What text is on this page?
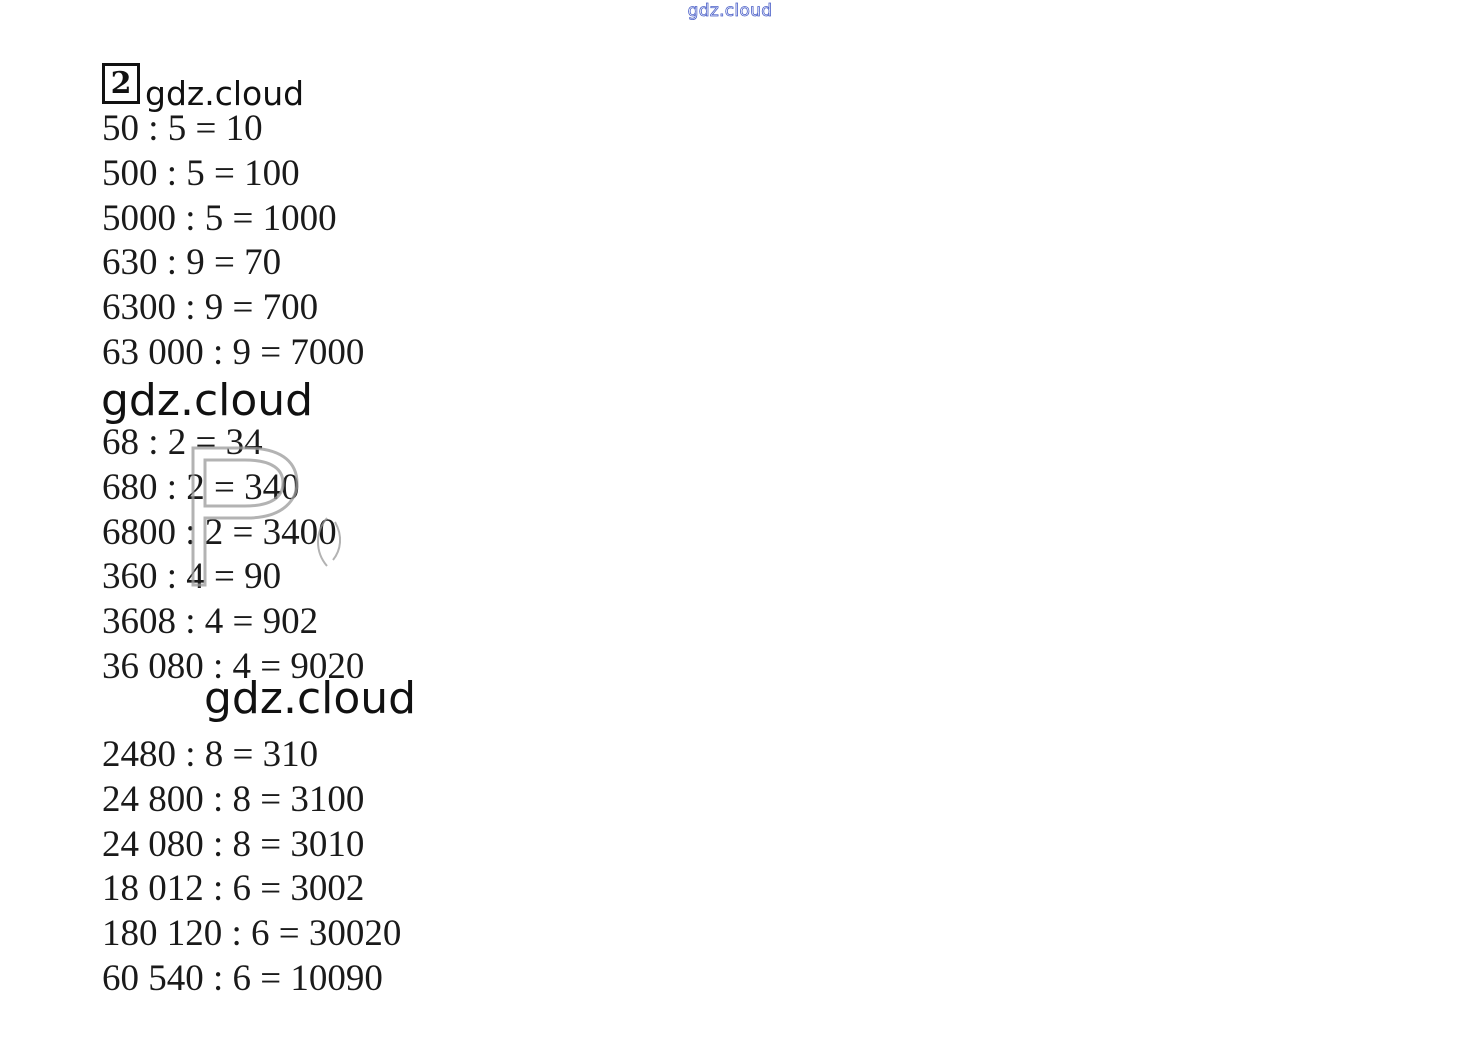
gdz.cloud
2 gdz.cloud
50 : 5 = 10
500 : 5 = 100
5000 : 5 = 1000
630 : 9 = 70
6300 : 9 = 700
63 000 : 9 = 7000
gdz.cloud
68 : 2 = 34
680 : 2 = 340
6800 : 2 = 3400
360 : 4 = 90
3608 : 4 = 902
36 080 : 4 = 9020
gdz.cloud
2480 : 8 = 310
24 800 : 8 = 3100
24 080 : 8 = 3010
18 012 : 6 = 3002
180 120 : 6 = 30020
60 540 : 6 = 10090
